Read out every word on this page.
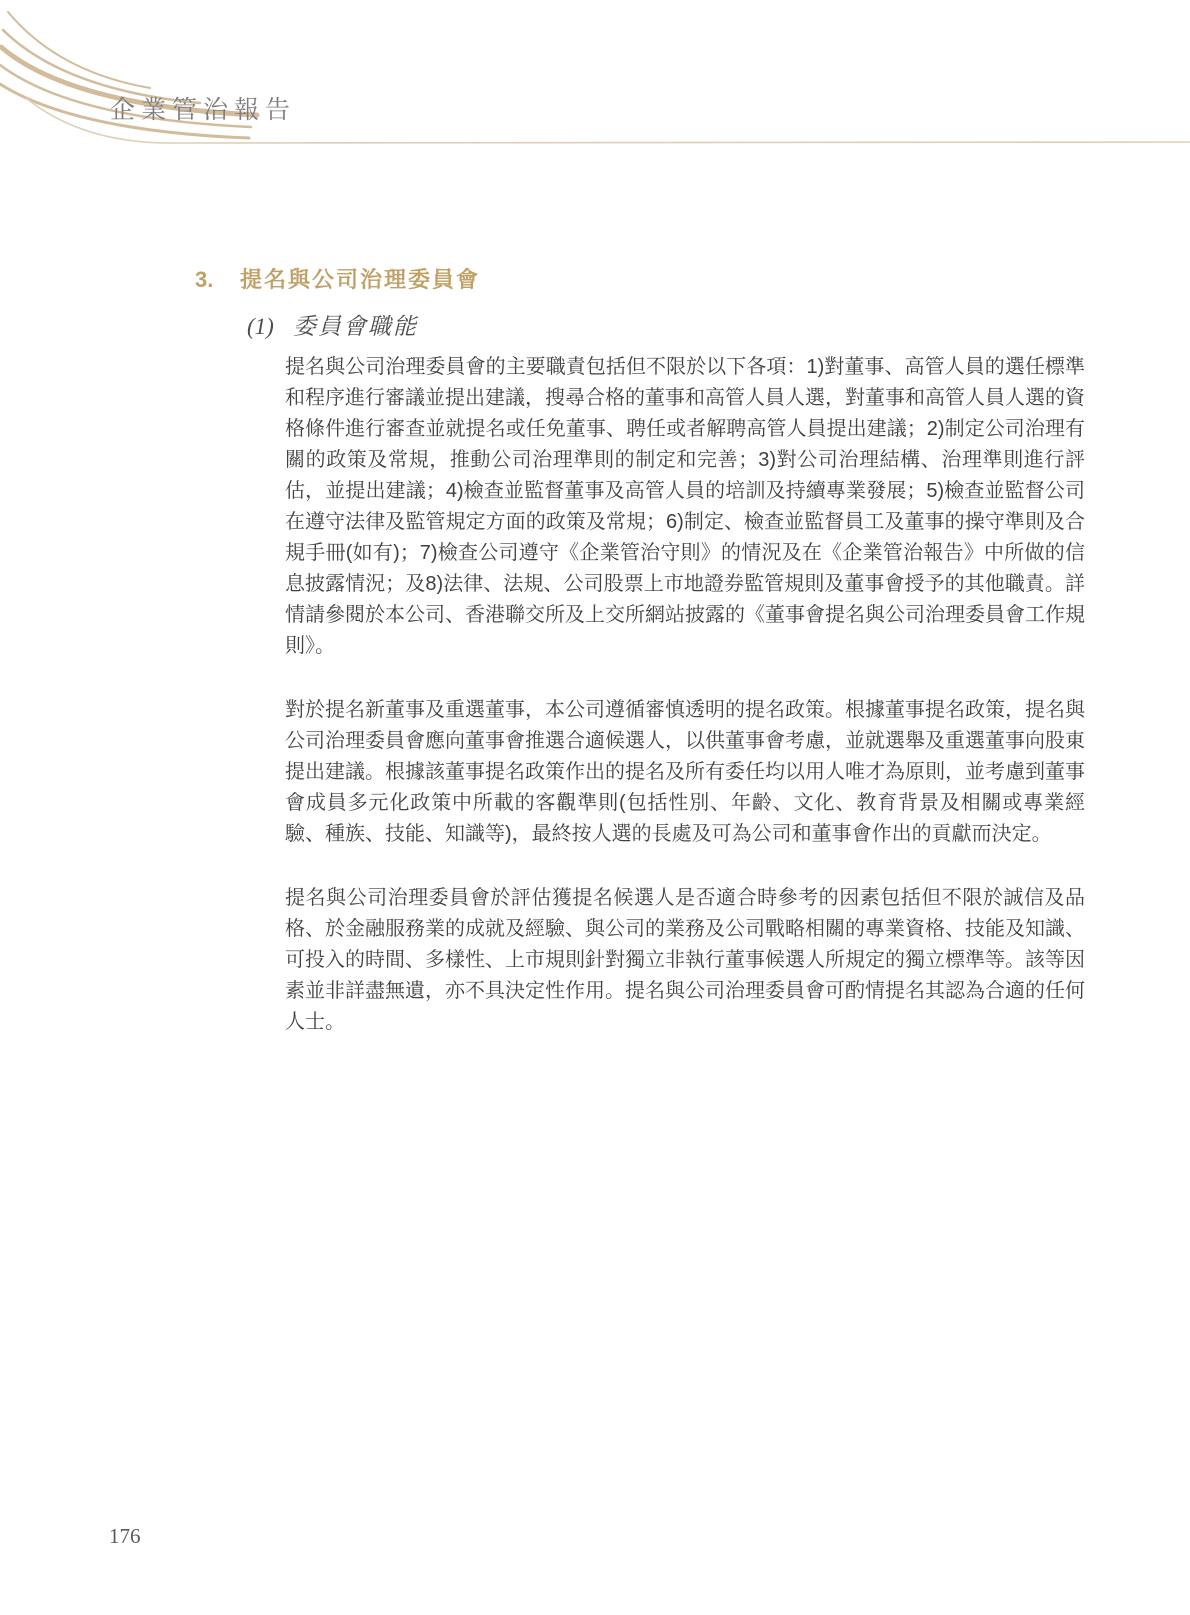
企業管治報告
3.	提名與公司治理委員會
(1) 委員會職能

提名與公司治理委員會的主要職責包括但不限於以下各項：1)對董事、高管人員的選任標準和程序進行審議並提出建議，搜尋合格的董事和高管人員人選，對董事和高管人員人選的資格條件進行審查並就提名或任免董事、聘任或者解聘高管人員提出建議；2)制定公司治理有關的政策及常規，推動公司治理準則的制定和完善；3)對公司治理結構、治理準則進行評估，並提出建議；4)檢查並監督董事及高管人員的培訓及持續專業發展；5)檢查並監督公司在遵守法律及監管規定方面的政策及常規；6)制定、檢查並監督員工及董事的操守準則及合規手冊(如有)；7)檢查公司遵守《企業管治守則》的情況及在《企業管治報告》中所做的信息披露情況；及8)法律、法規、公司股票上市地證券監管規則及董事會授予的其他職責。詳情請參閱於本公司、香港聯交所及上交所網站披露的《董事會提名與公司治理委員會工作規則》。

對於提名新董事及重選董事，本公司遵循審慎透明的提名政策。根據董事提名政策，提名與公司治理委員會應向董事會推選合適候選人，以供董事會考慮，並就選舉及重選董事向股東提出建議。根據該董事提名政策作出的提名及所有委任均以用人唯才為原則，並考慮到董事會成員多元化政策中所載的客觀準則(包括性別、年齡、文化、教育背景及相關或專業經驗、種族、技能、知識等)，最終按人選的長處及可為公司和董事會作出的貢獻而決定。

提名與公司治理委員會於評估獲提名候選人是否適合時參考的因素包括但不限於誠信及品格、於金融服務業的成就及經驗、與公司的業務及公司戰略相關的專業資格、技能及知識、可投入的時間、多樣性、上市規則針對獨立非執行董事候選人所規定的獨立標準等。該等因素並非詳盡無遺，亦不具決定性作用。提名與公司治理委員會可酌情提名其認為合適的任何人士。

176
